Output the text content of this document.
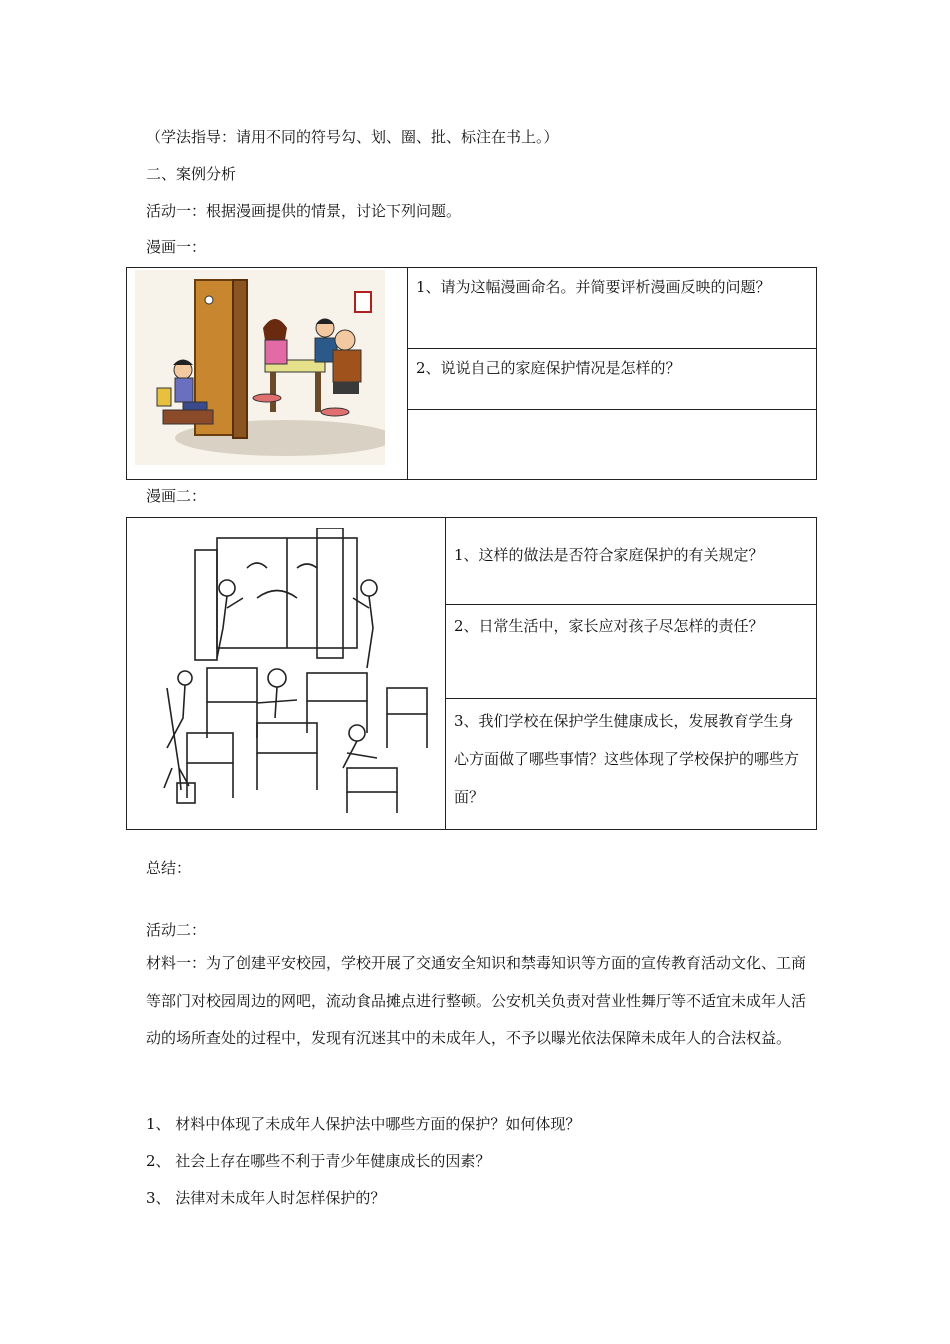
（学法指导：请用不同的符号勾、划、圈、批、标注在书上。）
二、案例分析
活动一：根据漫画提供的情景，讨论下列问题。
漫画一：

1、请为这幅漫画命名。并简要评析漫画反映的问题？

2、说说自己的家庭保护情况是怎样的？

漫画二：

1、这样的做法是否符合家庭保护的有关规定？

2、日常生活中，家长应对孩子尽怎样的责任？

3、我们学校在保护学生健康成长，发展教育学生身心方面做了哪些事情？这些体现了学校保护的哪些方面？
总结：
活动二：
材料一：为了创建平安校园，学校开展了交通安全知识和禁毒知识等方面的宣传教育活动文化、工商等部门对校园周边的网吧，流动食品摊点进行整顿。公安机关负责对营业性舞厅等不适宜未成年人活动的场所查处的过程中，发现有沉迷其中的未成年人，不予以曝光依法保障未成年人的合法权益。
1、 材料中体现了未成年人保护法中哪些方面的保护？如何体现？
2、 社会上存在哪些不利于青少年健康成长的因素？
3、 法律对未成年人时怎样保护的？
